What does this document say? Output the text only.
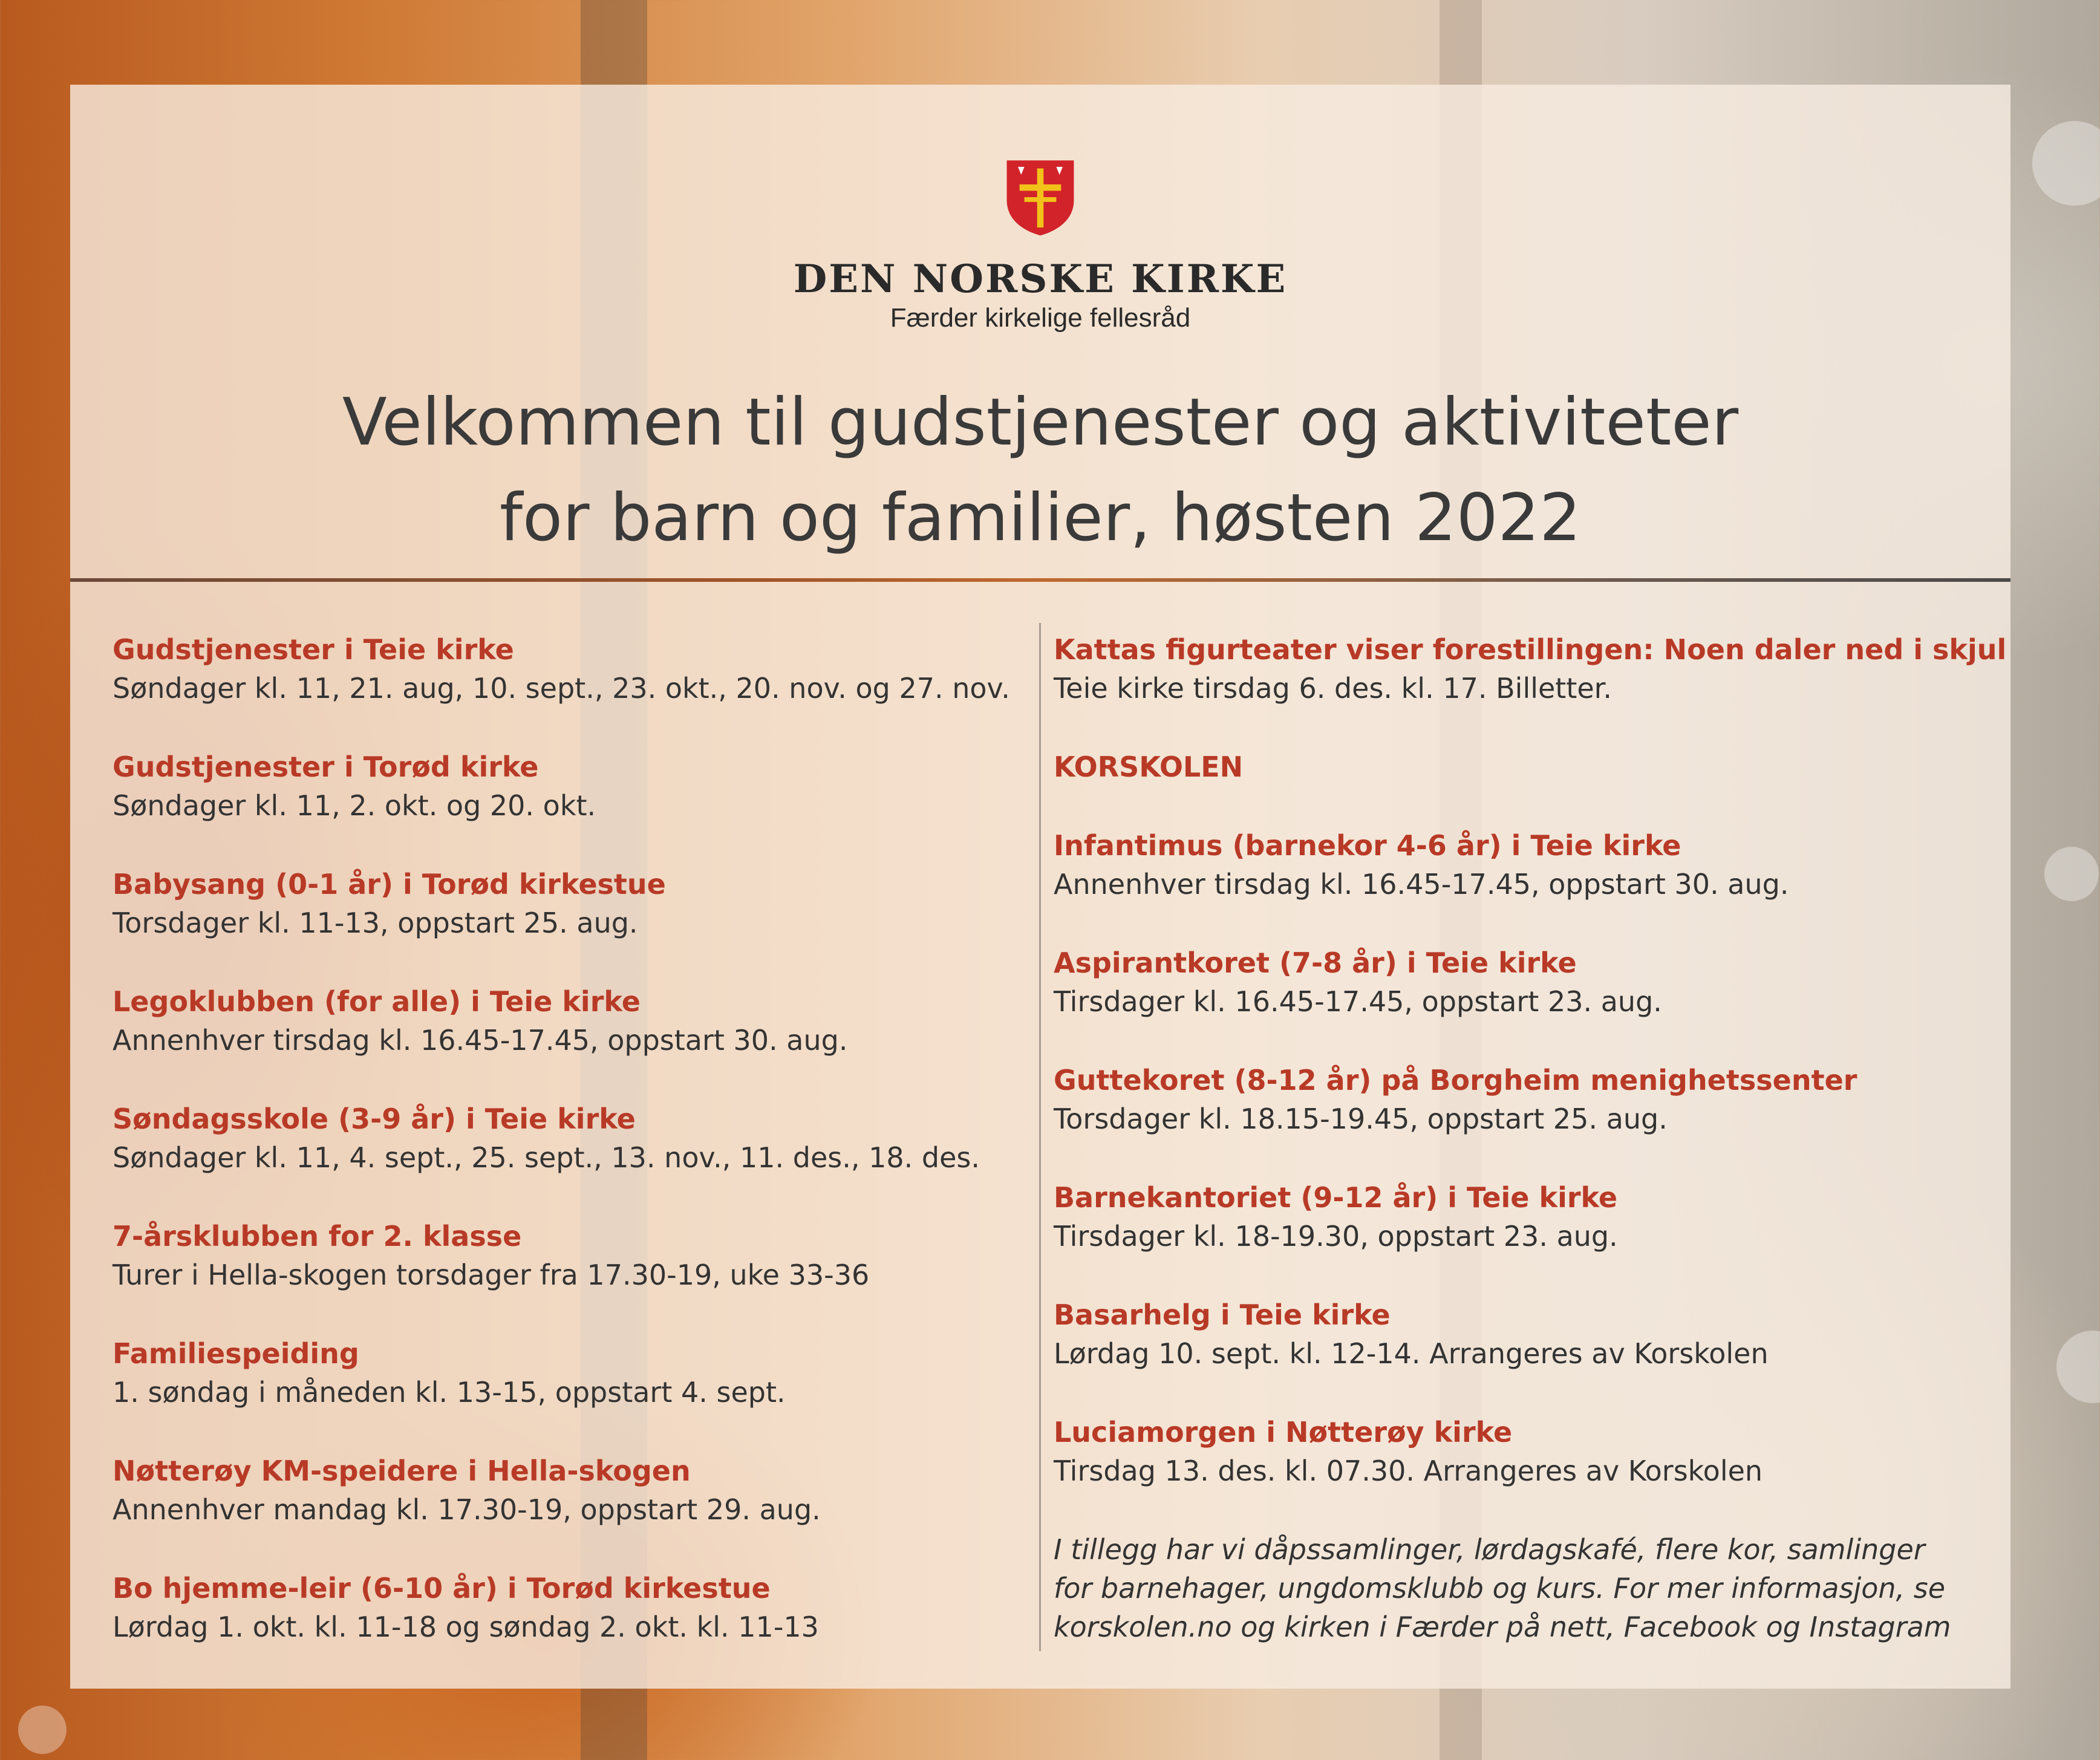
DEN NORSKE KIRKE
Færder kirkelige fellesråd
Velkommen til gudstjenester og aktiviteter
for barn og familier, høsten 2022
Gudstjenester i Teie kirke
Søndager kl. 11, 21. aug, 10. sept., 23. okt., 20. nov. og 27. nov.
Gudstjenester i Torød kirke
Søndager kl. 11, 2. okt. og 20. okt.
Babysang (0-1 år) i Torød kirkestue
Torsdager kl. 11-13, oppstart 25. aug.
Legoklubben (for alle) i Teie kirke
Annenhver tirsdag kl. 16.45-17.45, oppstart 30. aug.
Søndagsskole (3-9 år) i Teie kirke
Søndager kl. 11, 4. sept., 25. sept., 13. nov., 11. des., 18. des.
7-årsklubben for 2. klasse
Turer i Hella-skogen torsdager fra 17.30-19, uke 33-36
Familiespeiding
1. søndag i måneden kl. 13-15, oppstart 4. sept.
Nøtterøy KM-speidere i Hella-skogen
Annenhver mandag kl. 17.30-19, oppstart 29. aug.
Bo hjemme-leir (6-10 år) i Torød kirkestue
Lørdag 1. okt. kl. 11-18 og søndag 2. okt. kl. 11-13
Kattas figurteater viser forestillingen: Noen daler ned i skjul
Teie kirke tirsdag 6. des. kl. 17. Billetter.
KORSKOLEN
Infantimus (barnekor 4-6 år) i Teie kirke
Annenhver tirsdag kl. 16.45-17.45, oppstart 30. aug.
Aspirantkoret (7-8 år) i Teie kirke
Tirsdager kl. 16.45-17.45, oppstart 23. aug.
Guttekoret (8-12 år) på Borgheim menighetssenter
Torsdager kl. 18.15-19.45, oppstart 25. aug.
Barnekantoriet (9-12 år) i Teie kirke
Tirsdager kl. 18-19.30, oppstart 23. aug.
Basarhelg i Teie kirke
Lørdag 10. sept. kl. 12-14. Arrangeres av Korskolen
Luciamorgen i Nøtterøy kirke
Tirsdag 13. des. kl. 07.30. Arrangeres av Korskolen
I tillegg har vi dåpssamlinger, lørdagskafé, flere kor, samlinger
for barnehager, ungdomsklubb og kurs. For mer informasjon, se
korskolen.no og kirken i Færder på nett, Facebook og Instagram
